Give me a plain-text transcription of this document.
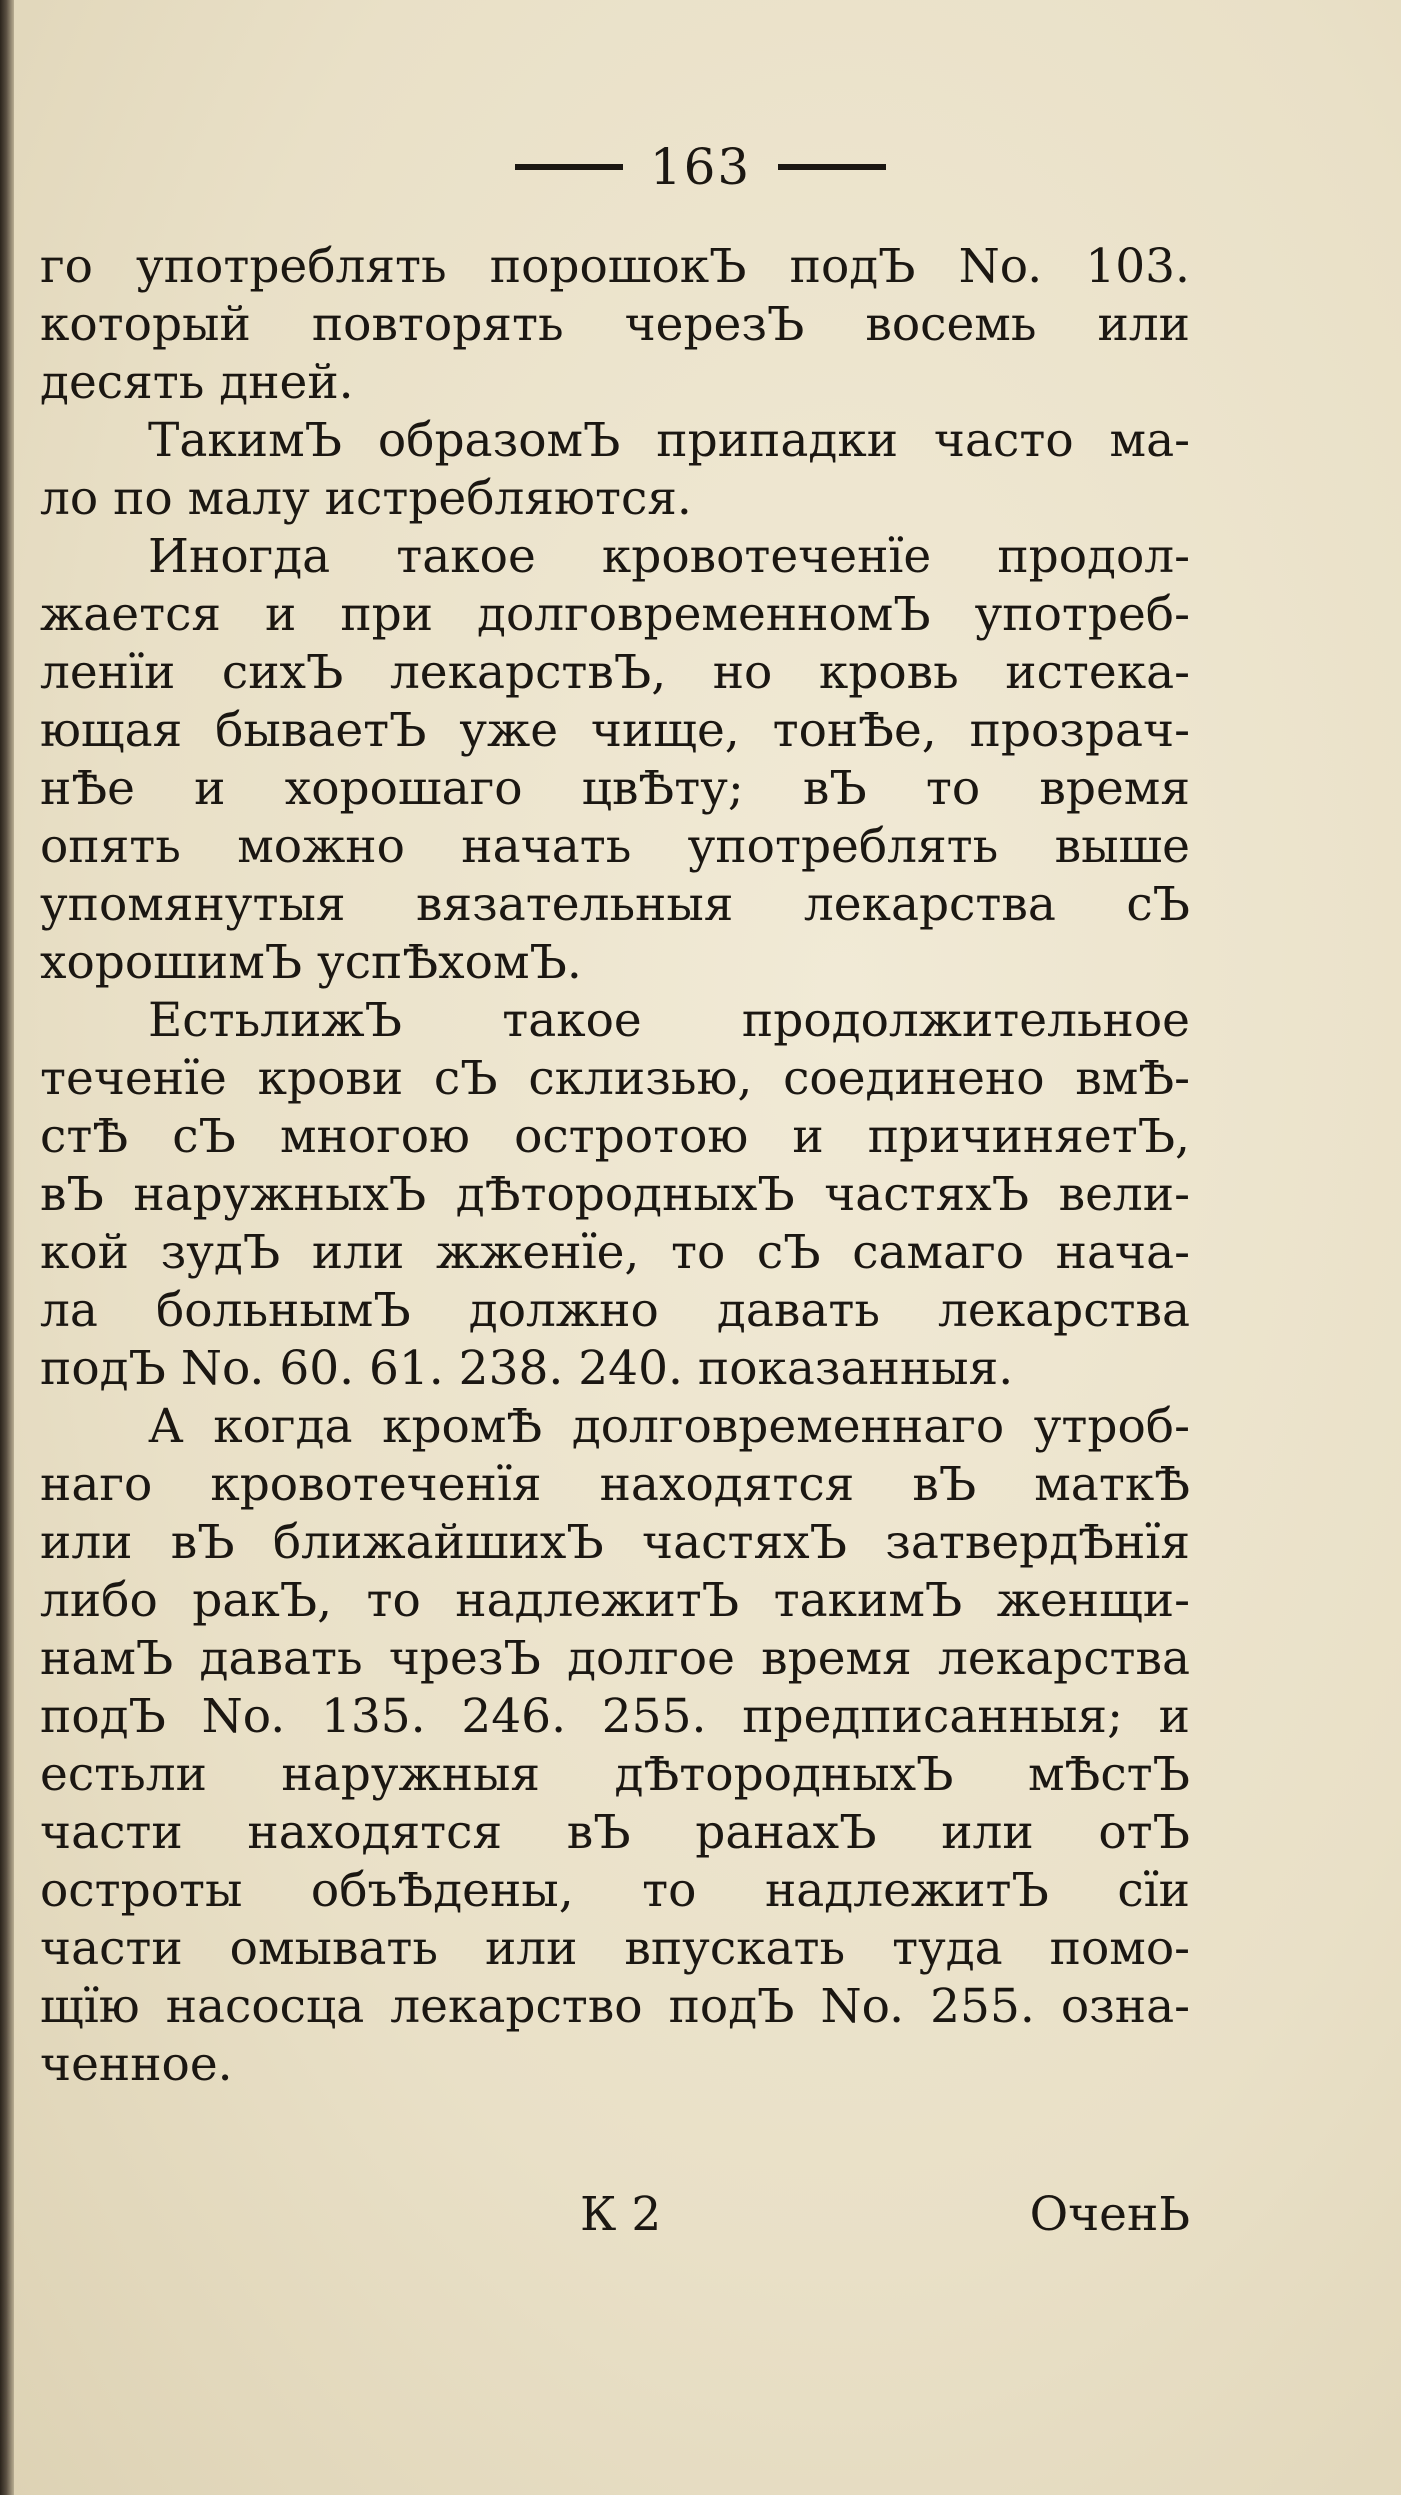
163
го употреблять порошокЪ подЪ No. 103.
который повторять черезЪ восемь или
десять дней.
ТакимЪ образомЪ припадки часто ма-
ло по малу истребляются.
Иногда такое кровотеченїе продол-
жается и при долговременномЪ употреб-
ленїи сихЪ лекарствЪ, но кровь истека-
ющая бываетЪ уже чище, тонѢе, прозрач-
нѢе и хорошаго цвѢту; вЪ то время
опять можно начать употреблять выше
упомянутыя вязательныя лекарства сЪ
хорошимЪ успѢхомЪ.
ЕстьлижЪ такое продолжительное
теченїе крови сЪ склизью, соединено вмѢ-
стѢ сЪ многою остротою и причиняетЪ,
вЪ наружныхЪ дѢтородныхЪ частяхЪ вели-
кой зудЪ или жженїе, то сЪ самаго нача-
ла больнымЪ должно давать лекарства
подЪ No. 60. 61. 238. 240. показанныя.
А когда кромѢ долговременнаго утроб-
наго кровотеченїя находятся вЪ маткѢ
или вЪ ближайшихЪ частяхЪ затвердѢнїя
либо ракЪ, то надлежитЪ такимЪ женщи-
намЪ давать чрезЪ долгое время лекарства
подЪ No. 135. 246. 255. предписанныя; и
естьли наружныя дѢтородныхЪ мѢстЪ
части находятся вЪ ранахЪ или отЪ
остроты объѢдены, то надлежитЪ сїи
части омывать или впускать туда помо-
щїю насосца лекарство подЪ No. 255. озна-
ченное.
К 2	ОченЬ
